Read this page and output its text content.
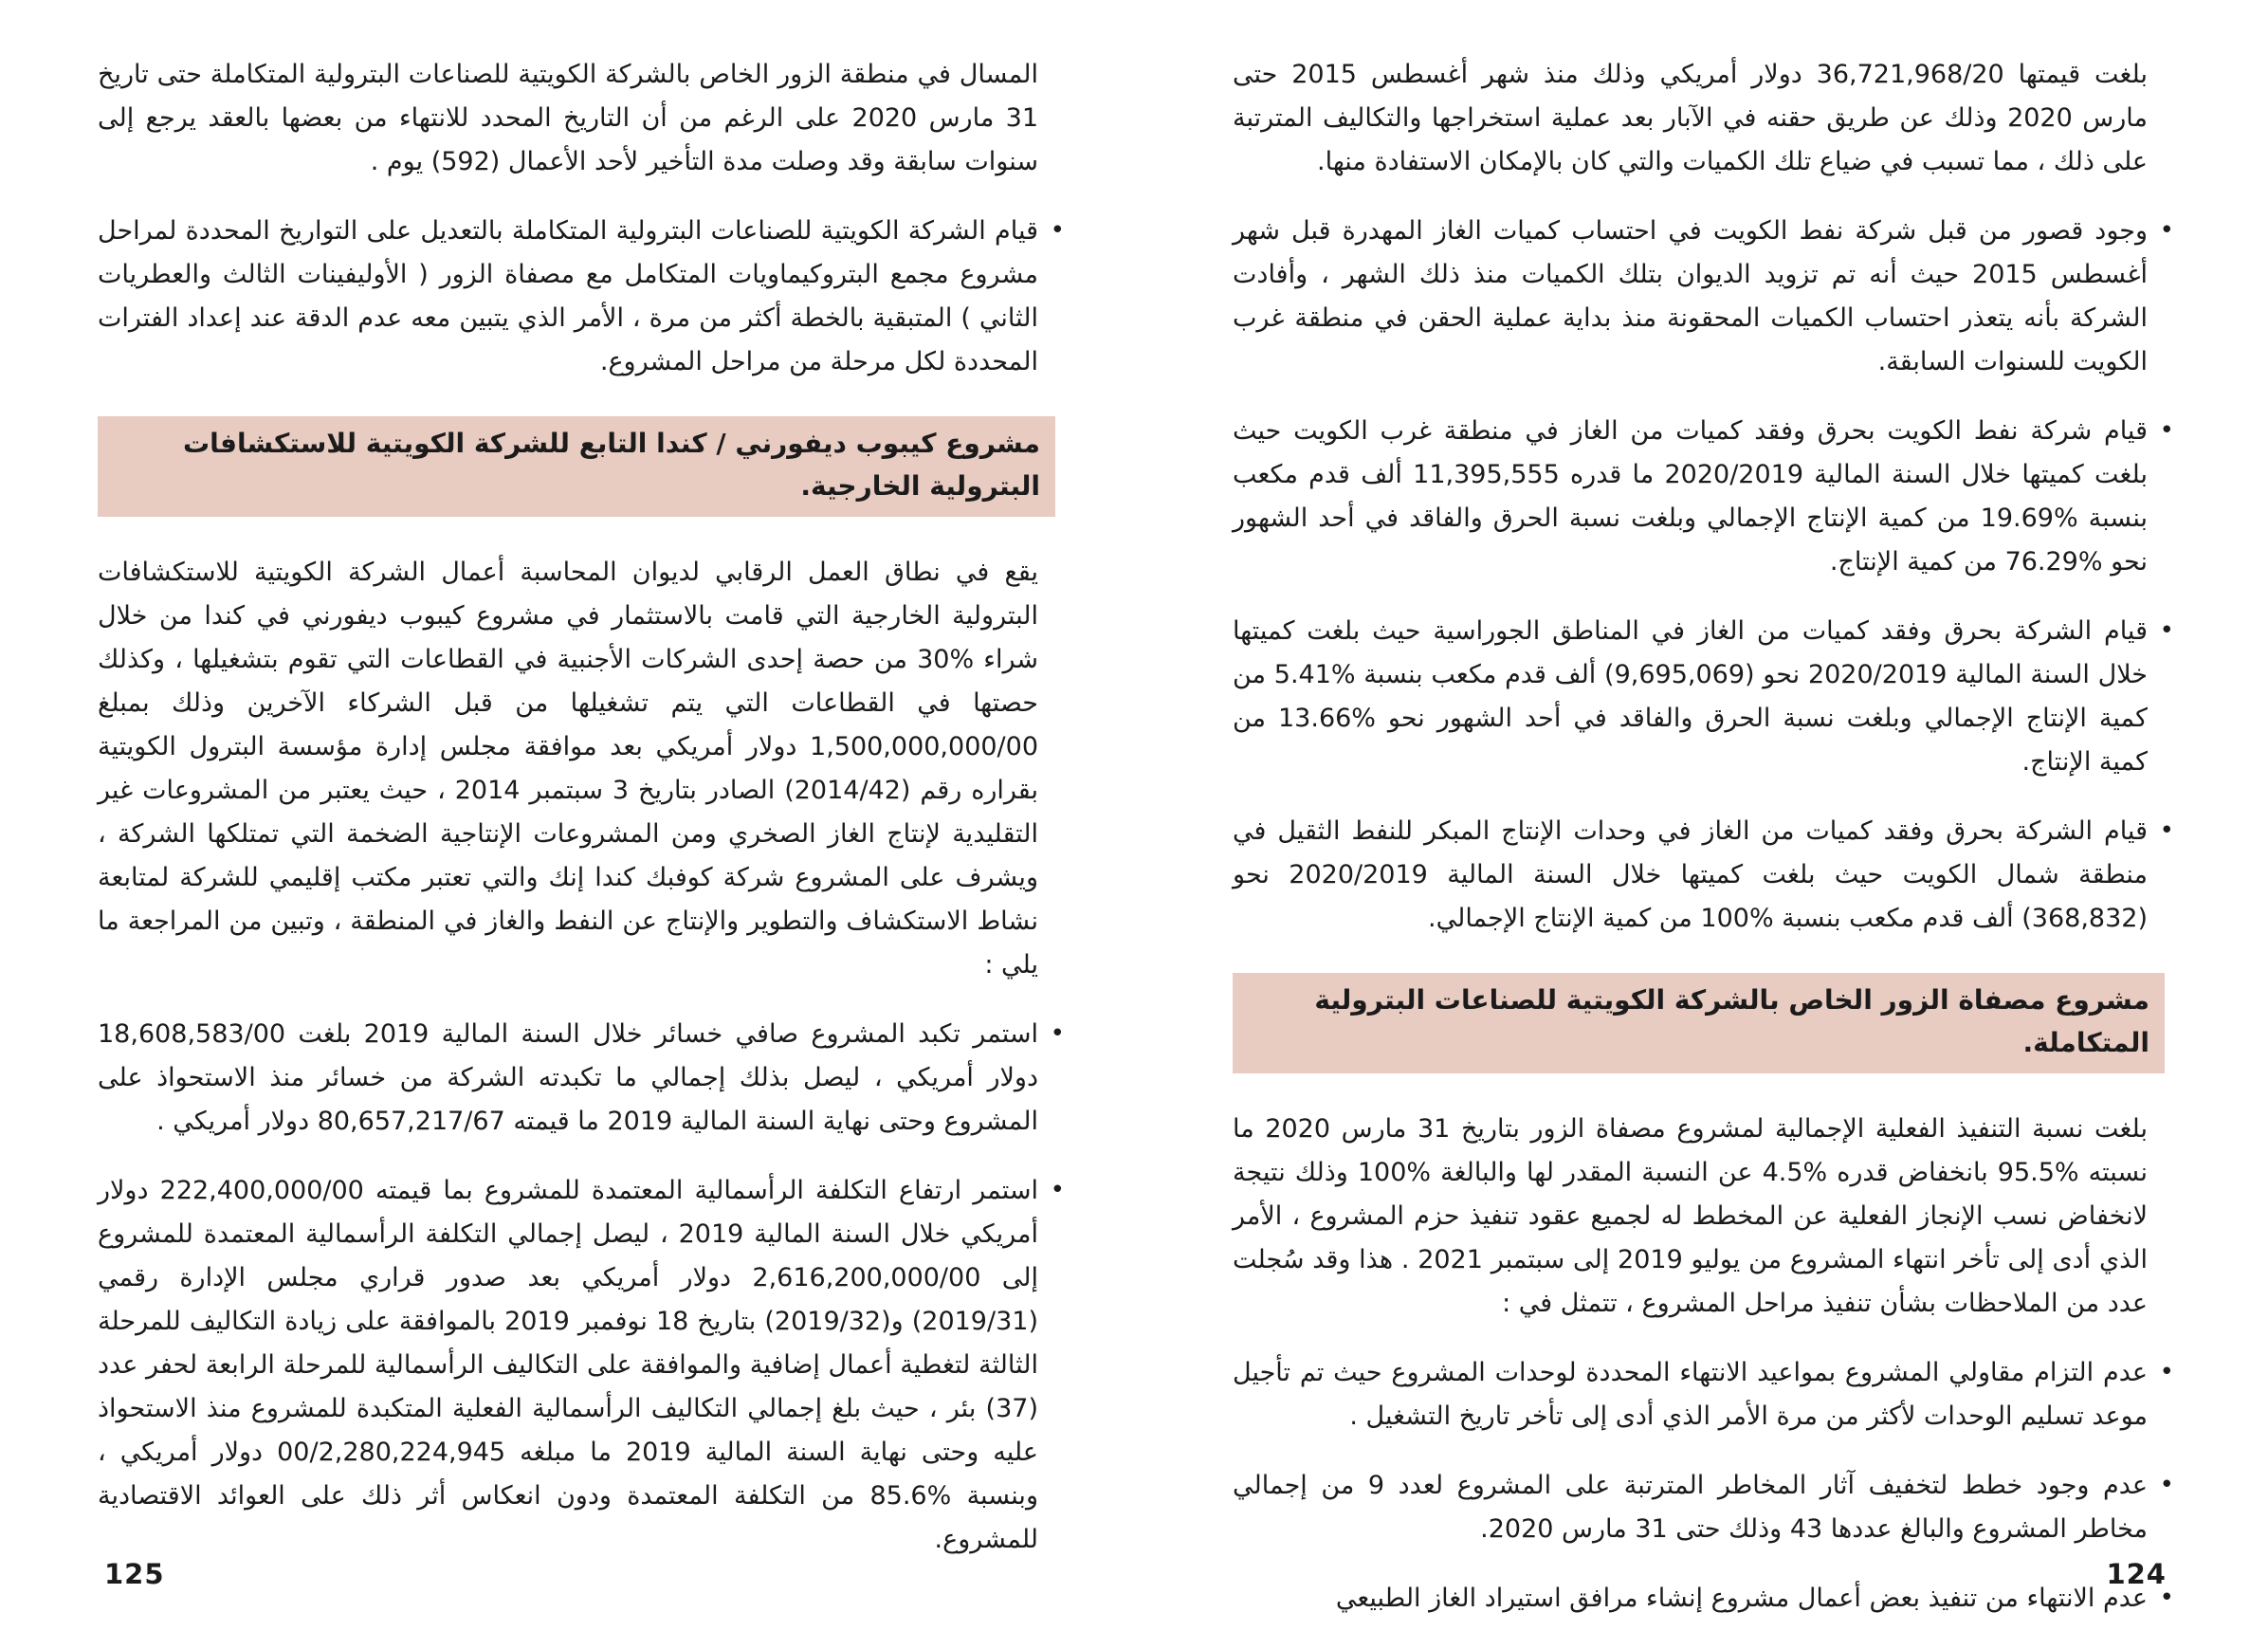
بلغت قيمتها 36,721,968/20 دولار أمريكي وذلك منذ شهر أغسطس 2015 حتى مارس 2020 وذلك عن طريق حقنه في الآبار بعد عملية استخراجها والتكاليف المترتبة على ذلك ، مما تسبب في ضياع تلك الكميات والتي كان بالإمكان الاستفادة منها.

•

وجود قصور من قبل شركة نفط الكويت في احتساب كميات الغاز المهدرة قبل شهر أغسطس 2015 حيث أنه تم تزويد الديوان بتلك الكميات منذ ذلك الشهر ، وأفادت الشركة بأنه يتعذر احتساب الكميات المحقونة منذ بداية عملية الحقن في منطقة غرب الكويت للسنوات السابقة.

•

قيام شركة نفط الكويت بحرق وفقد كميات من الغاز في منطقة غرب الكويت حيث بلغت كميتها خلال السنة المالية 2020/2019 ما قدره 11,395,555 ألف قدم مكعب بنسبة %19.69 من كمية الإنتاج الإجمالي وبلغت نسبة الحرق والفاقد في أحد الشهور نحو %76.29 من كمية الإنتاج.

•

قيام الشركة بحرق وفقد كميات من الغاز في المناطق الجوراسية حيث بلغت كميتها خلال السنة المالية 2020/2019 نحو (9,695,069) ألف قدم مكعب بنسبة %5.41 من كمية الإنتاج الإجمالي وبلغت نسبة الحرق والفاقد في أحد الشهور نحو %13.66 من كمية الإنتاج.

•

قيام الشركة بحرق وفقد كميات من الغاز في وحدات الإنتاج المبكر للنفط الثقيل في منطقة شمال الكويت حيث بلغت كميتها خلال السنة المالية 2020/2019 نحو (368,832) ألف قدم مكعب بنسبة %100 من كمية الإنتاج الإجمالي.

مشروع مصفاة الزور الخاص بالشركة الكويتية للصناعات البترولية المتكاملة.

بلغت نسبة التنفيذ الفعلية الإجمالية لمشروع مصفاة الزور بتاريخ 31 مارس 2020 ما نسبته %95.5 بانخفاض قدره %4.5 عن النسبة المقدر لها والبالغة %100 وذلك نتيجة لانخفاض نسب الإنجاز الفعلية عن المخطط له لجميع عقود تنفيذ حزم المشروع ، الأمر الذي أدى إلى تأخر انتهاء المشروع من يوليو 2019 إلى سبتمبر 2021 . هذا وقد سُجلت عدد من الملاحظات بشأن تنفيذ مراحل المشروع ، تتمثل في :

•

عدم التزام مقاولي المشروع بمواعيد الانتهاء المحددة لوحدات المشروع حيث تم تأجيل موعد تسليم الوحدات لأكثر من مرة الأمر الذي أدى إلى تأخر تاريخ التشغيل .

•

عدم وجود خطط لتخفيف آثار المخاطر المترتبة على المشروع لعدد 9 من إجمالي مخاطر المشروع والبالغ عددها 43 وذلك حتى 31 مارس 2020.

•

عدم الانتهاء من تنفيذ بعض أعمال مشروع إنشاء مرافق استيراد الغاز الطبيعي

124

المسال في منطقة الزور الخاص بالشركة الكويتية للصناعات البترولية المتكاملة حتى تاريخ 31 مارس 2020 على الرغم من أن التاريخ المحدد للانتهاء من بعضها بالعقد يرجع إلى سنوات سابقة وقد وصلت مدة التأخير لأحد الأعمال (592) يوم .

•

قيام الشركة الكويتية للصناعات البترولية المتكاملة بالتعديل على التواريخ المحددة لمراحل مشروع مجمع البتروكيماويات المتكامل مع مصفاة الزور ( الأوليفينات الثالث والعطريات الثاني ) المتبقية بالخطة أكثر من مرة ، الأمر الذي يتبين معه عدم الدقة عند إعداد الفترات المحددة لكل مرحلة من مراحل المشروع.

مشروع كيبوب ديفورني / كندا التابع للشركة الكويتية للاستكشافات البترولية الخارجية.

يقع في نطاق العمل الرقابي لديوان المحاسبة أعمال الشركة الكويتية للاستكشافات البترولية الخارجية التي قامت بالاستثمار في مشروع كيبوب ديفورني في كندا من خلال شراء %30 من حصة إحدى الشركات الأجنبية في القطاعات التي تقوم بتشغيلها ، وكذلك حصتها في القطاعات التي يتم تشغيلها من قبل الشركاء الآخرين وذلك بمبلغ 1,500,000,000/00 دولار أمريكي بعد موافقة مجلس إدارة مؤسسة البترول الكويتية بقراره رقم (2014/42) الصادر بتاريخ 3 سبتمبر 2014 ، حيث يعتبر من المشروعات غير التقليدية لإنتاج الغاز الصخري ومن المشروعات الإنتاجية الضخمة التي تمتلكها الشركة ، ويشرف على المشروع شركة كوفبك كندا إنك والتي تعتبر مكتب إقليمي للشركة لمتابعة نشاط الاستكشاف والتطوير والإنتاج عن النفط والغاز في المنطقة ، وتبين من المراجعة ما يلي :

•

استمر تكبد المشروع صافي خسائر خلال السنة المالية 2019 بلغت 18,608,583/00 دولار أمريكي ، ليصل بذلك إجمالي ما تكبدته الشركة من خسائر منذ الاستحواذ على المشروع وحتى نهاية السنة المالية 2019 ما قيمته 80,657,217/67 دولار أمريكي .

•

استمر ارتفاع التكلفة الرأسمالية المعتمدة للمشروع بما قيمته 222,400,000/00 دولار أمريكي خلال السنة المالية 2019 ، ليصل إجمالي التكلفة الرأسمالية المعتمدة للمشروع إلى 2,616,200,000/00 دولار أمريكي بعد صدور قراري مجلس الإدارة رقمي (2019/31) و(2019/32) بتاريخ 18 نوفمبر 2019 بالموافقة على زيادة التكاليف للمرحلة الثالثة لتغطية أعمال إضافية والموافقة على التكاليف الرأسمالية للمرحلة الرابعة لحفر عدد (37) بئر ، حيث بلغ إجمالي التكاليف الرأسمالية الفعلية المتكبدة للمشروع منذ الاستحواذ عليه وحتى نهاية السنة المالية 2019 ما مبلغه 00/2,280,224,945 دولار أمريكي ، وبنسبة %85.6 من التكلفة المعتمدة ودون انعكاس أثر ذلك على العوائد الاقتصادية للمشروع.

125
